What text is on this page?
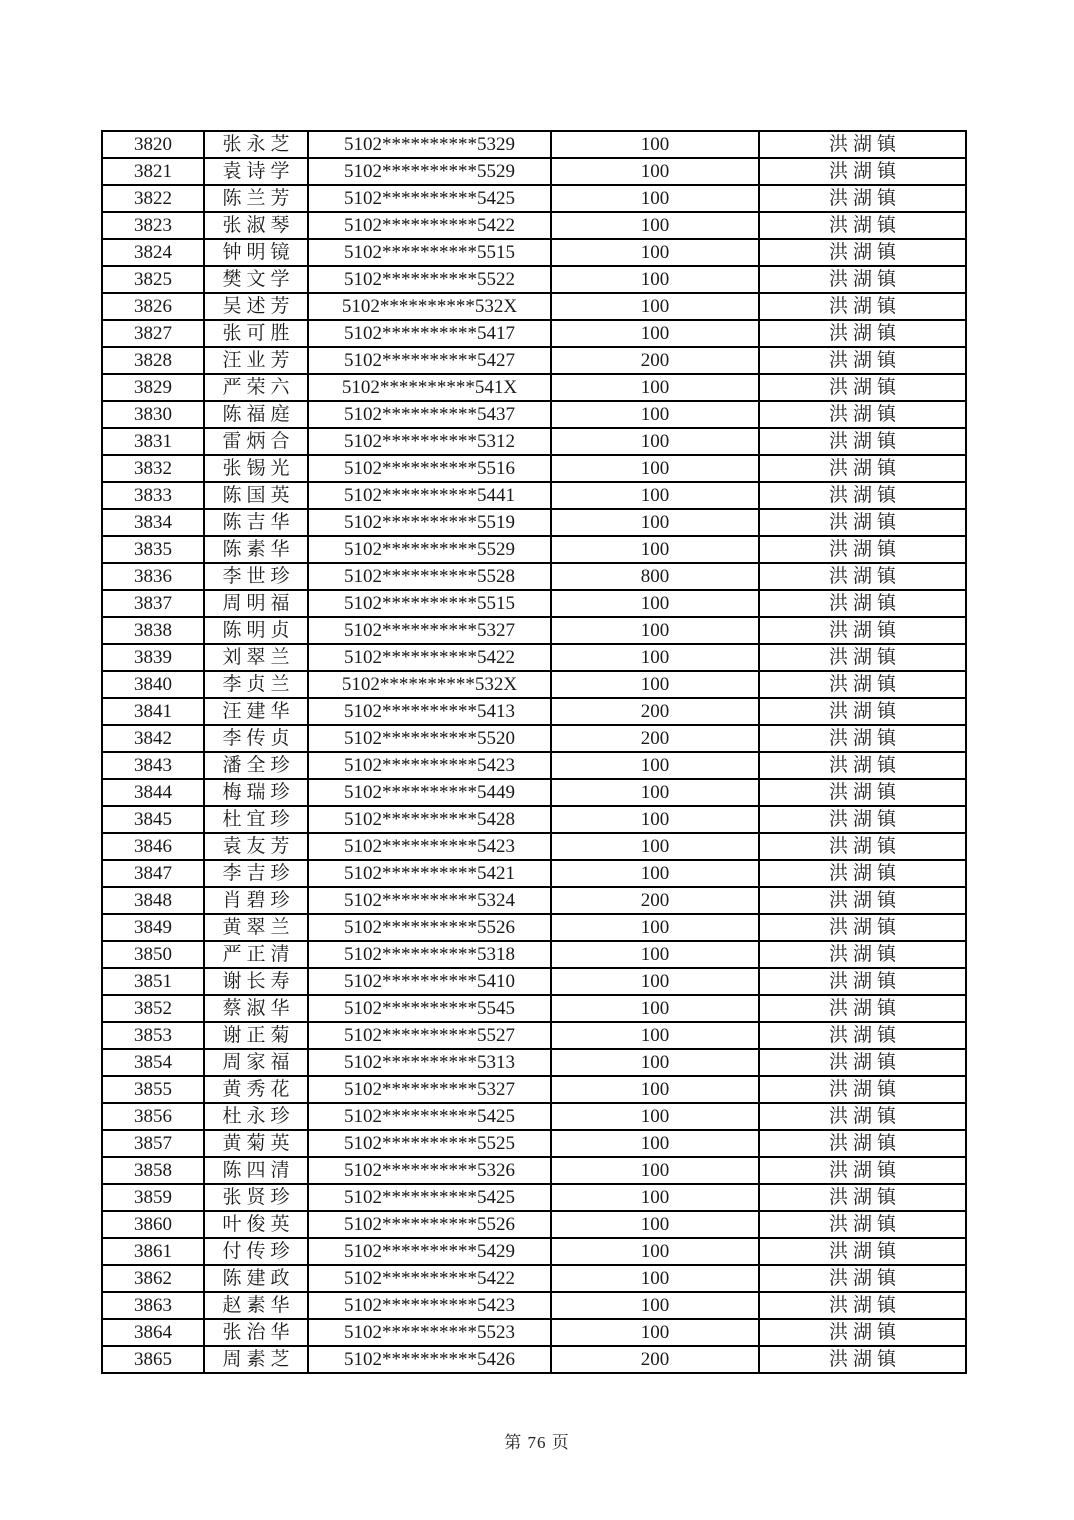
3820	张永芝	5102**********5329	100	洪湖镇
3821	袁诗学	5102**********5529	100	洪湖镇
3822	陈兰芳	5102**********5425	100	洪湖镇
3823	张淑琴	5102**********5422	100	洪湖镇
3824	钟明镜	5102**********5515	100	洪湖镇
3825	樊文学	5102**********5522	100	洪湖镇
3826	吴述芳	5102**********532X	100	洪湖镇
3827	张可胜	5102**********5417	100	洪湖镇
3828	汪业芳	5102**********5427	200	洪湖镇
3829	严荣六	5102**********541X	100	洪湖镇
3830	陈福庭	5102**********5437	100	洪湖镇
3831	雷炳合	5102**********5312	100	洪湖镇
3832	张锡光	5102**********5516	100	洪湖镇
3833	陈国英	5102**********5441	100	洪湖镇
3834	陈吉华	5102**********5519	100	洪湖镇
3835	陈素华	5102**********5529	100	洪湖镇
3836	李世珍	5102**********5528	800	洪湖镇
3837	周明福	5102**********5515	100	洪湖镇
3838	陈明贞	5102**********5327	100	洪湖镇
3839	刘翠兰	5102**********5422	100	洪湖镇
3840	李贞兰	5102**********532X	100	洪湖镇
3841	汪建华	5102**********5413	200	洪湖镇
3842	李传贞	5102**********5520	200	洪湖镇
3843	潘全珍	5102**********5423	100	洪湖镇
3844	梅瑞珍	5102**********5449	100	洪湖镇
3845	杜宜珍	5102**********5428	100	洪湖镇
3846	袁友芳	5102**********5423	100	洪湖镇
3847	李吉珍	5102**********5421	100	洪湖镇
3848	肖碧珍	5102**********5324	200	洪湖镇
3849	黄翠兰	5102**********5526	100	洪湖镇
3850	严正清	5102**********5318	100	洪湖镇
3851	谢长寿	5102**********5410	100	洪湖镇
3852	蔡淑华	5102**********5545	100	洪湖镇
3853	谢正菊	5102**********5527	100	洪湖镇
3854	周家福	5102**********5313	100	洪湖镇
3855	黄秀花	5102**********5327	100	洪湖镇
3856	杜永珍	5102**********5425	100	洪湖镇
3857	黄菊英	5102**********5525	100	洪湖镇
3858	陈四清	5102**********5326	100	洪湖镇
3859	张贤珍	5102**********5425	100	洪湖镇
3860	叶俊英	5102**********5526	100	洪湖镇
3861	付传珍	5102**********5429	100	洪湖镇
3862	陈建政	5102**********5422	100	洪湖镇
3863	赵素华	5102**********5423	100	洪湖镇
3864	张治华	5102**********5523	100	洪湖镇
3865	周素芝	5102**********5426	200	洪湖镇
第 76 页
